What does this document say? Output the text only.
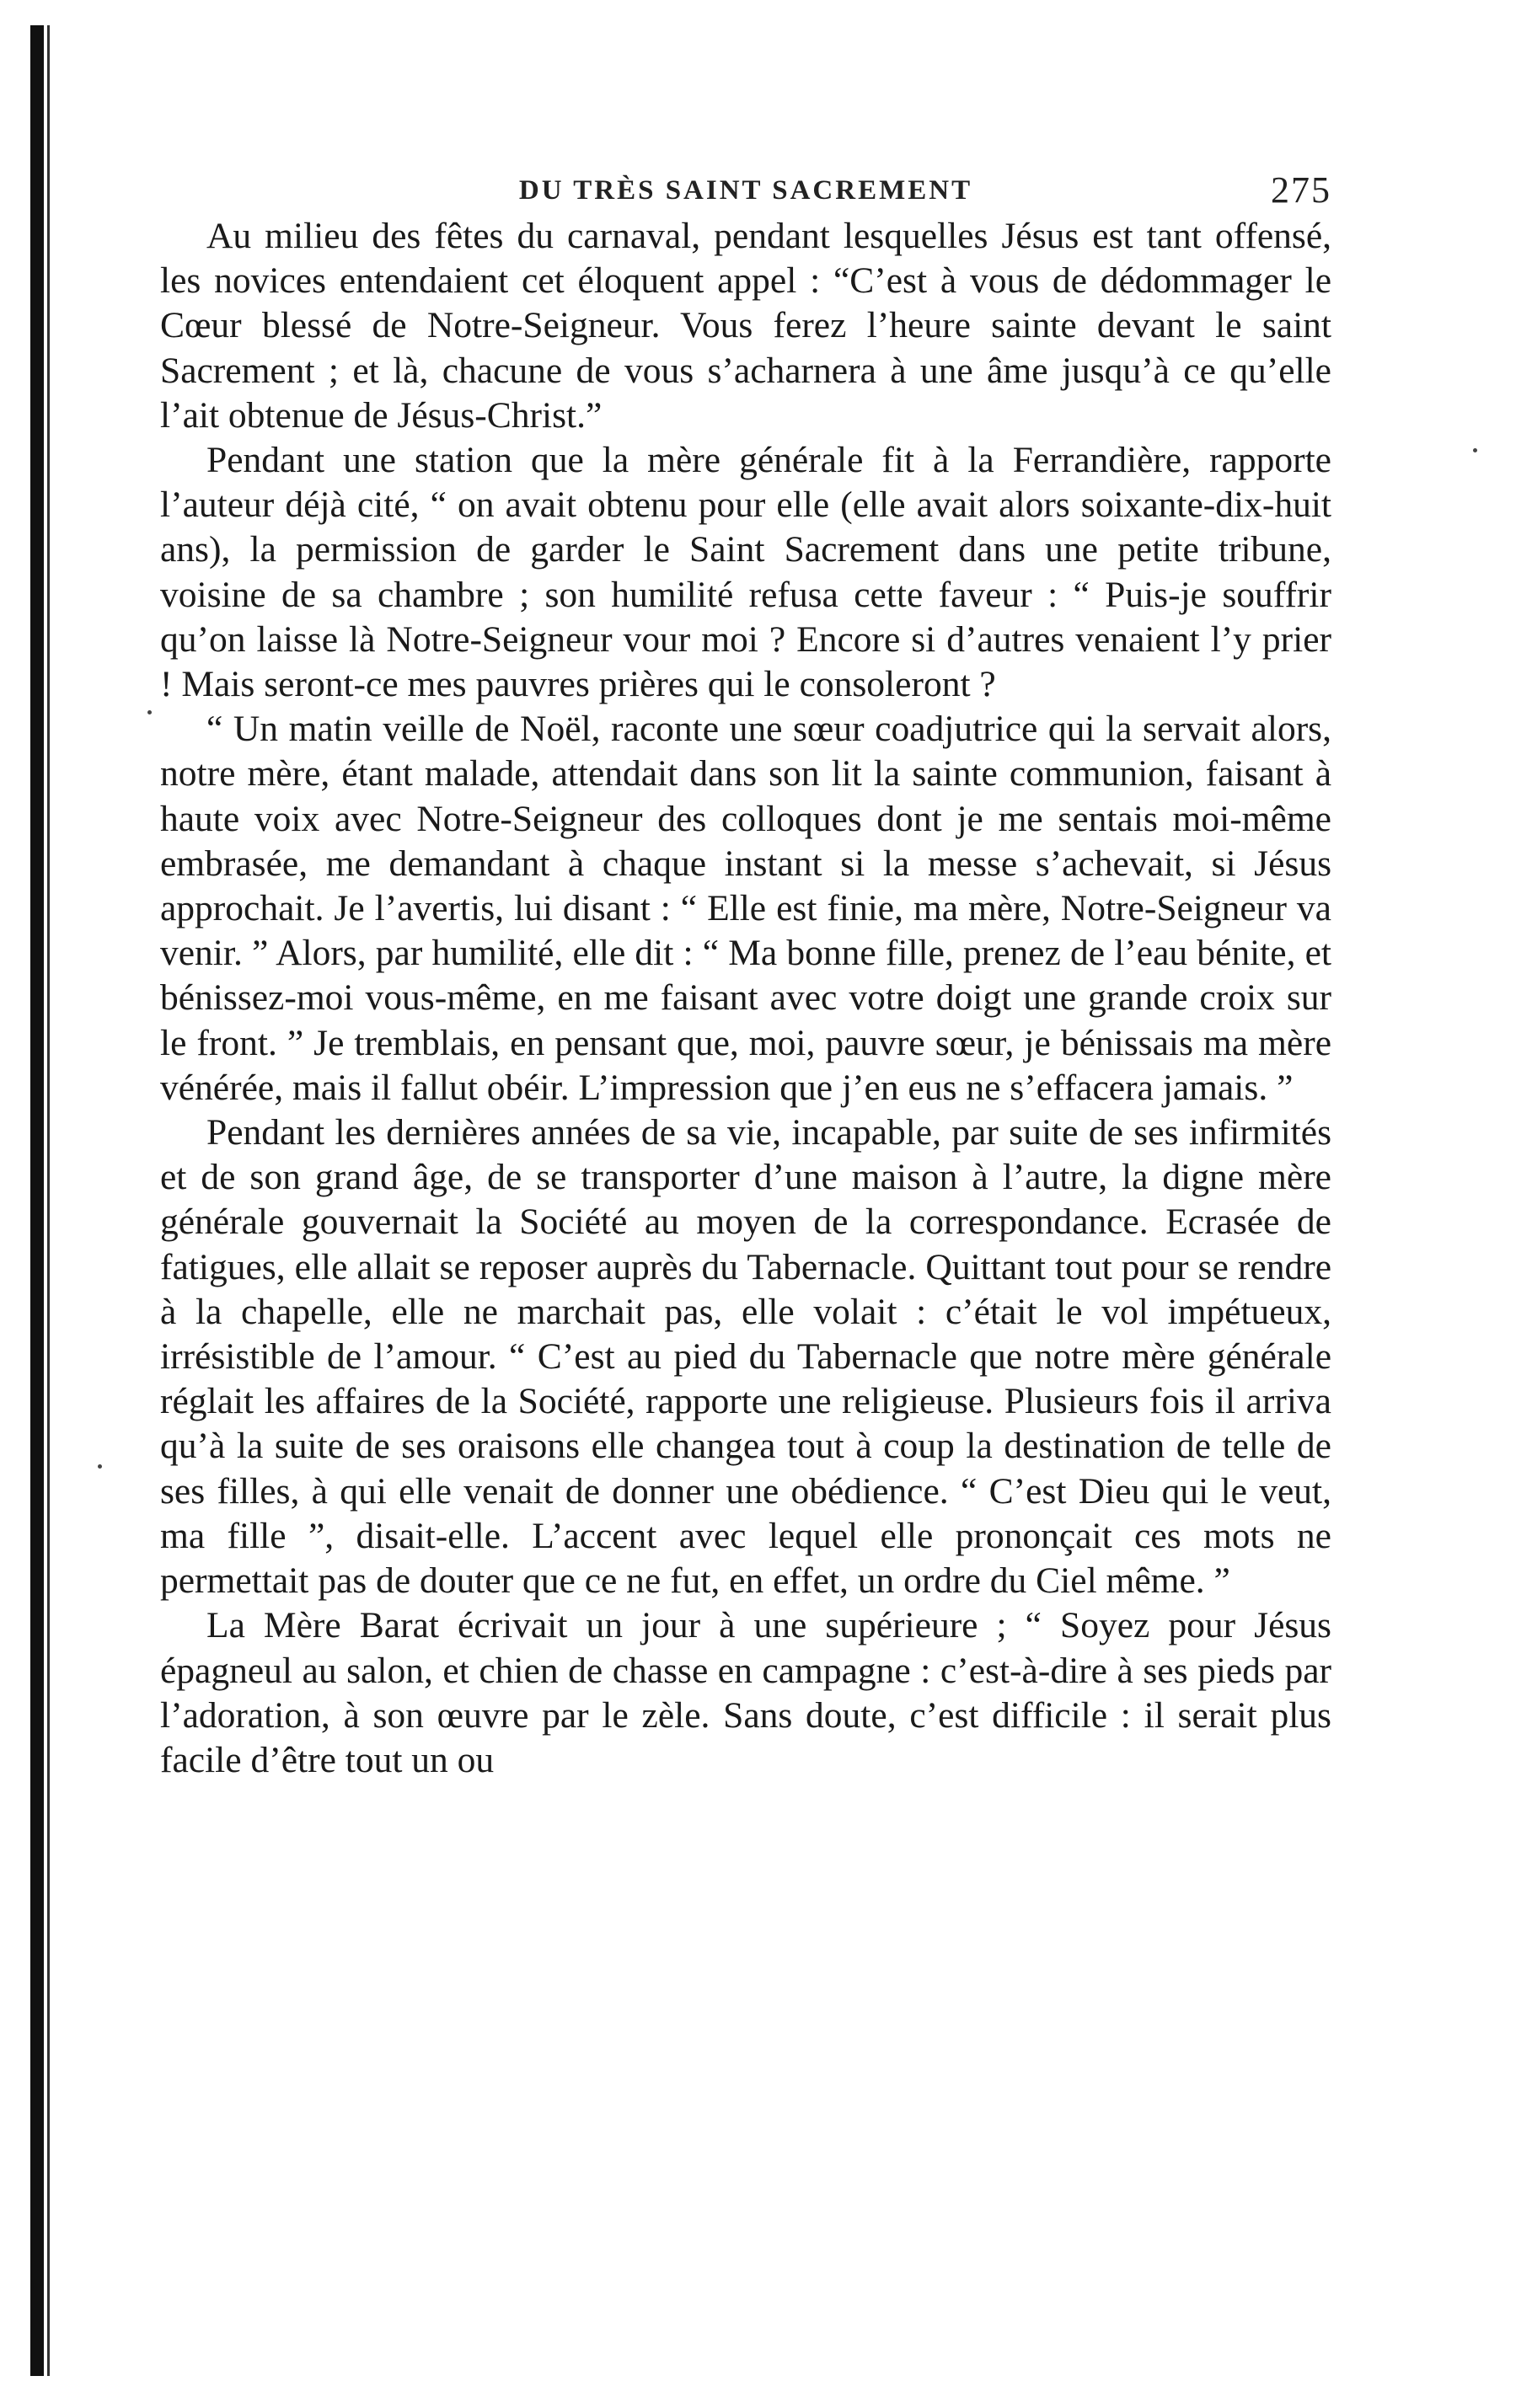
DU TRÈS SAINT SACREMENT	275

Au milieu des fêtes du carnaval, pendant lesquelles Jésus est tant offensé, les novices entendaient cet éloquent appel : “C’est à vous de dédommager le Cœur blessé de Notre-Seigneur. Vous ferez l’heure sainte devant le saint Sacrement ; et là, chacune de vous s’acharnera à une âme jusqu’à ce qu’elle l’ait obtenue de Jésus-Christ.”

Pendant une station que la mère générale fit à la Ferrandière, rapporte l’auteur déjà cité, “ on avait obtenu pour elle (elle avait alors soixante-dix-huit ans), la permission de garder le Saint Sacrement dans une petite tribune, voisine de sa chambre ; son humilité refusa cette faveur : “ Puis-je souffrir qu’on laisse là Notre-Seigneur vour moi ? Encore si d’autres venaient l’y prier ! Mais seront-ce mes pauvres prières qui le consoleront ?

“ Un matin veille de Noël, raconte une sœur coadjutrice qui la servait alors, notre mère, étant malade, attendait dans son lit la sainte communion, faisant à haute voix avec Notre-Seigneur des colloques dont je me sentais moi-même embrasée, me demandant à chaque instant si la messe s’achevait, si Jésus approchait. Je l’avertis, lui disant : “ Elle est finie, ma mère, Notre-Seigneur va venir. ” Alors, par humilité, elle dit : “ Ma bonne fille, prenez de l’eau bénite, et bénissez-moi vous-même, en me faisant avec votre doigt une grande croix sur le front. ” Je tremblais, en pensant que, moi, pauvre sœur, je bénissais ma mère vénérée, mais il fallut obéir. L’impression que j’en eus ne s’effacera jamais. ”

Pendant les dernières années de sa vie, incapable, par suite de ses infirmités et de son grand âge, de se transporter d’une maison à l’autre, la digne mère générale gouvernait la Société au moyen de la correspondance. Ecrasée de fatigues, elle allait se reposer auprès du Tabernacle. Quittant tout pour se rendre à la chapelle, elle ne marchait pas, elle volait : c’était le vol impétueux, irrésistible de l’amour. “ C’est au pied du Tabernacle que notre mère générale réglait les affaires de la Société, rapporte une religieuse. Plusieurs fois il arriva qu’à la suite de ses oraisons elle changea tout à coup la destination de telle de ses filles, à qui elle venait de donner une obédience. “ C’est Dieu qui le veut, ma fille ”, disait-elle. L’accent avec lequel elle prononçait ces mots ne permettait pas de douter que ce ne fut, en effet, un ordre du Ciel même. ”

La Mère Barat écrivait un jour à une supérieure ; “ Soyez pour Jésus épagneul au salon, et chien de chasse en campagne : c’est-à-dire à ses pieds par l’adoration, à son œuvre par le zèle. Sans doute, c’est difficile : il serait plus facile d’être tout un ou
